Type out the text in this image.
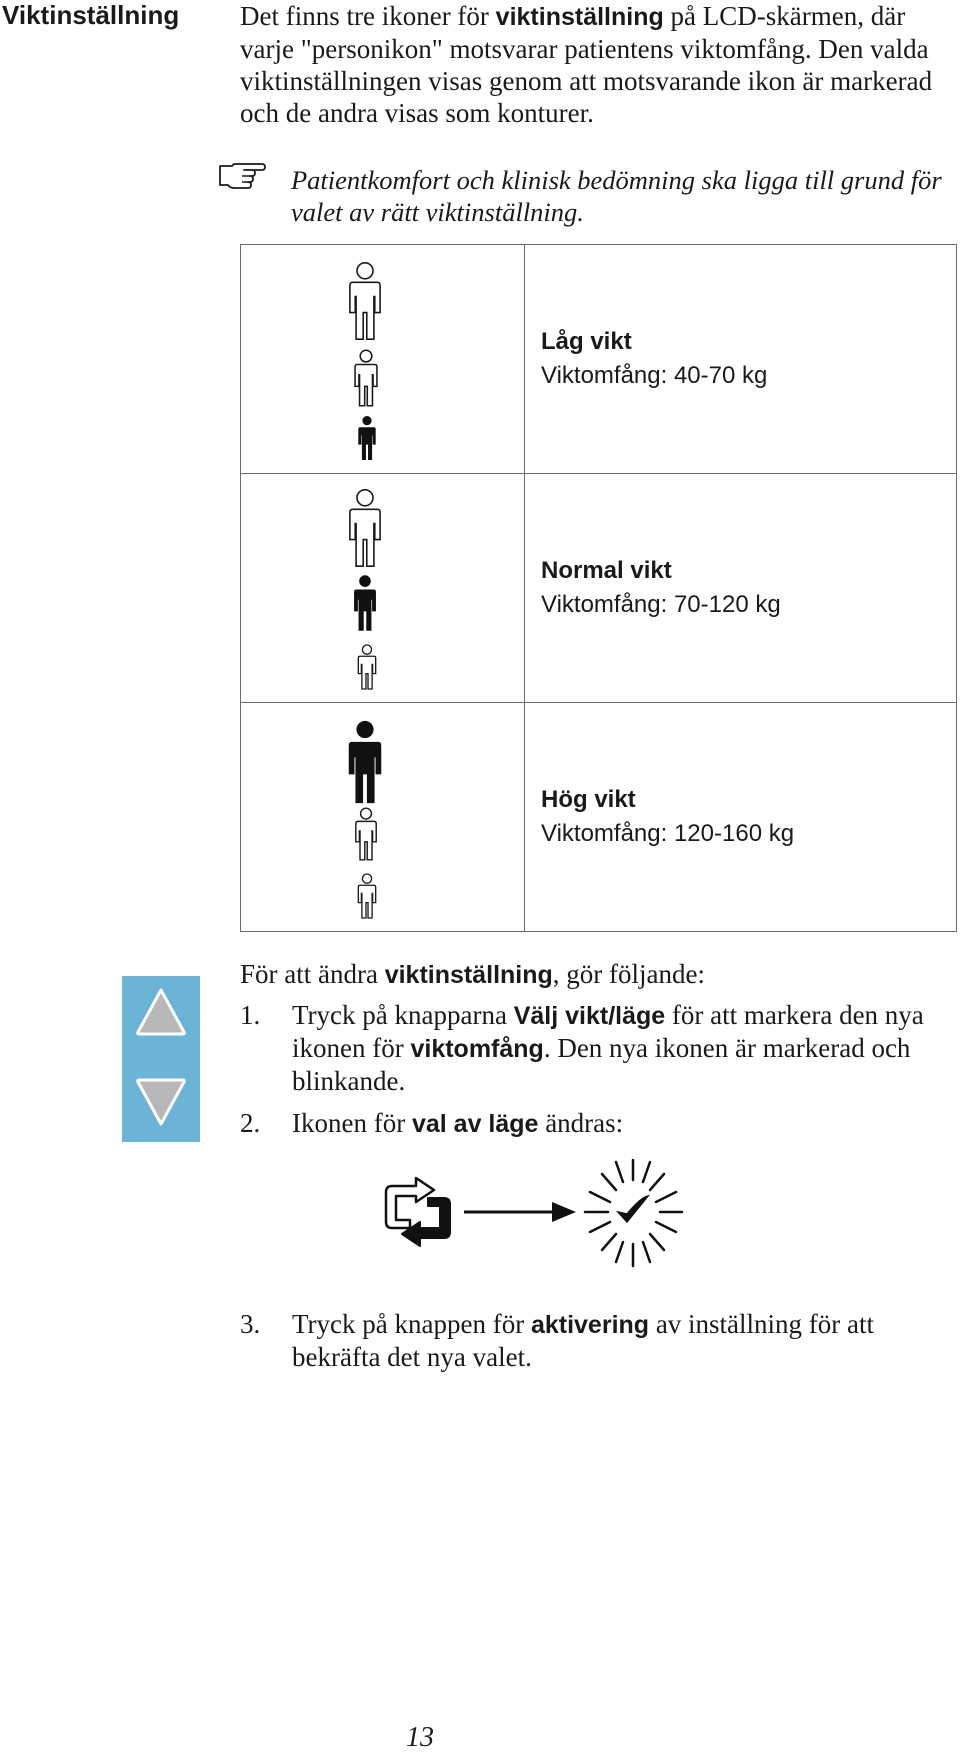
Viktinställning Det finns tre ikoner för viktinställning på LCD-skärmen, där varje "personikon" motsvarar patientens viktomfång. Den valda viktinställningen visas genom att motsvarande ikon är markerad och de andra visas som konturer.
Patientkomfort och klinisk bedömning ska ligga till grund för valet av rätt viktinställning.

Låg vikt
Viktomfång: 40-70 kg

Normal vikt
Viktomfång: 70-120 kg

Hög vikt
Viktomfång: 120-160 kg

För att ändra viktinställning, gör följande:

1.	Tryck på knapparna Välj vikt/läge för att markera den nya ikonen för viktomfång. Den nya ikonen är markerad och blinkande.
2.	Ikonen för val av läge ändras:
3.	Tryck på knappen för aktivering av inställning för att bekräfta det nya valet.
13
